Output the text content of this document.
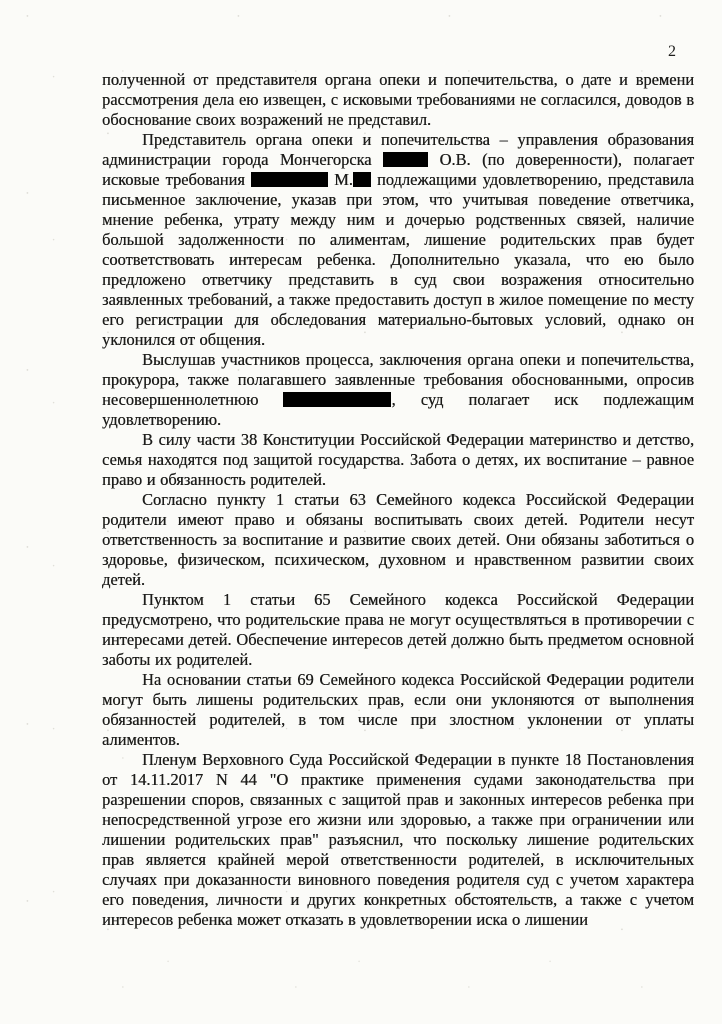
2

полученной от представителя органа опеки и попечительства, о дате и времени рассмотрения дела ею извещен, с исковыми требованиями не согласился, доводов в обоснование своих возражений не представил.

Представитель органа опеки и попечительства – управления образования администрации города Мончегорска	О.В. (по доверенности), полагает исковые требования	М. подлежащими удовлетворению, представила письменное заключение, указав при этом, что учитывая поведение ответчика, мнение ребенка, утрату между ним и дочерью родственных связей, наличие большой задолженности по алиментам, лишение родительских прав будет соответствовать интересам ребенка. Дополнительно указала, что ею было предложено ответчику представить в суд свои возражения относительно заявленных требований, а также предоставить доступ в жилое помещение по месту его регистрации для обследования материально-бытовых условий, однако он уклонился от общения.

Выслушав участников процесса, заключения органа опеки и попечительства, прокурора, также полагавшего заявленные требования обоснованными, опросив несовершеннолетнюю	, суд полагает иск подлежащим удовлетворению.

В силу части 38 Конституции Российской Федерации материнство и детство, семья находятся под защитой государства. Забота о детях, их воспитание – равное право и обязанность родителей.

Согласно пункту 1 статьи 63 Семейного кодекса Российской Федерации родители имеют право и обязаны воспитывать своих детей. Родители несут ответственность за воспитание и развитие своих детей. Они обязаны заботиться о здоровье, физическом, психическом, духовном и нравственном развитии своих детей.

Пунктом 1 статьи 65 Семейного кодекса Российской Федерации предусмотрено, что родительские права не могут осуществляться в противоречии с интересами детей. Обеспечение интересов детей должно быть предметом основной заботы их родителей.

На основании статьи 69 Семейного кодекса Российской Федерации родители могут быть лишены родительских прав, если они уклоняются от выполнения обязанностей родителей, в том числе при злостном уклонении от уплаты алиментов.

Пленум Верховного Суда Российской Федерации в пункте 18 Постановления от 14.11.2017 N 44 "О практике применения судами законодательства при разрешении споров, связанных с защитой прав и законных интересов ребенка при непосредственной угрозе его жизни или здоровью, а также при ограничении или лишении родительских прав" разъяснил, что поскольку лишение родительских прав является крайней мерой ответственности родителей, в исключительных случаях при доказанности виновного поведения родителя суд с учетом характера его поведения, личности и других конкретных обстоятельств, а также с учетом интересов ребенка может отказать в удовлетворении иска о лишении
